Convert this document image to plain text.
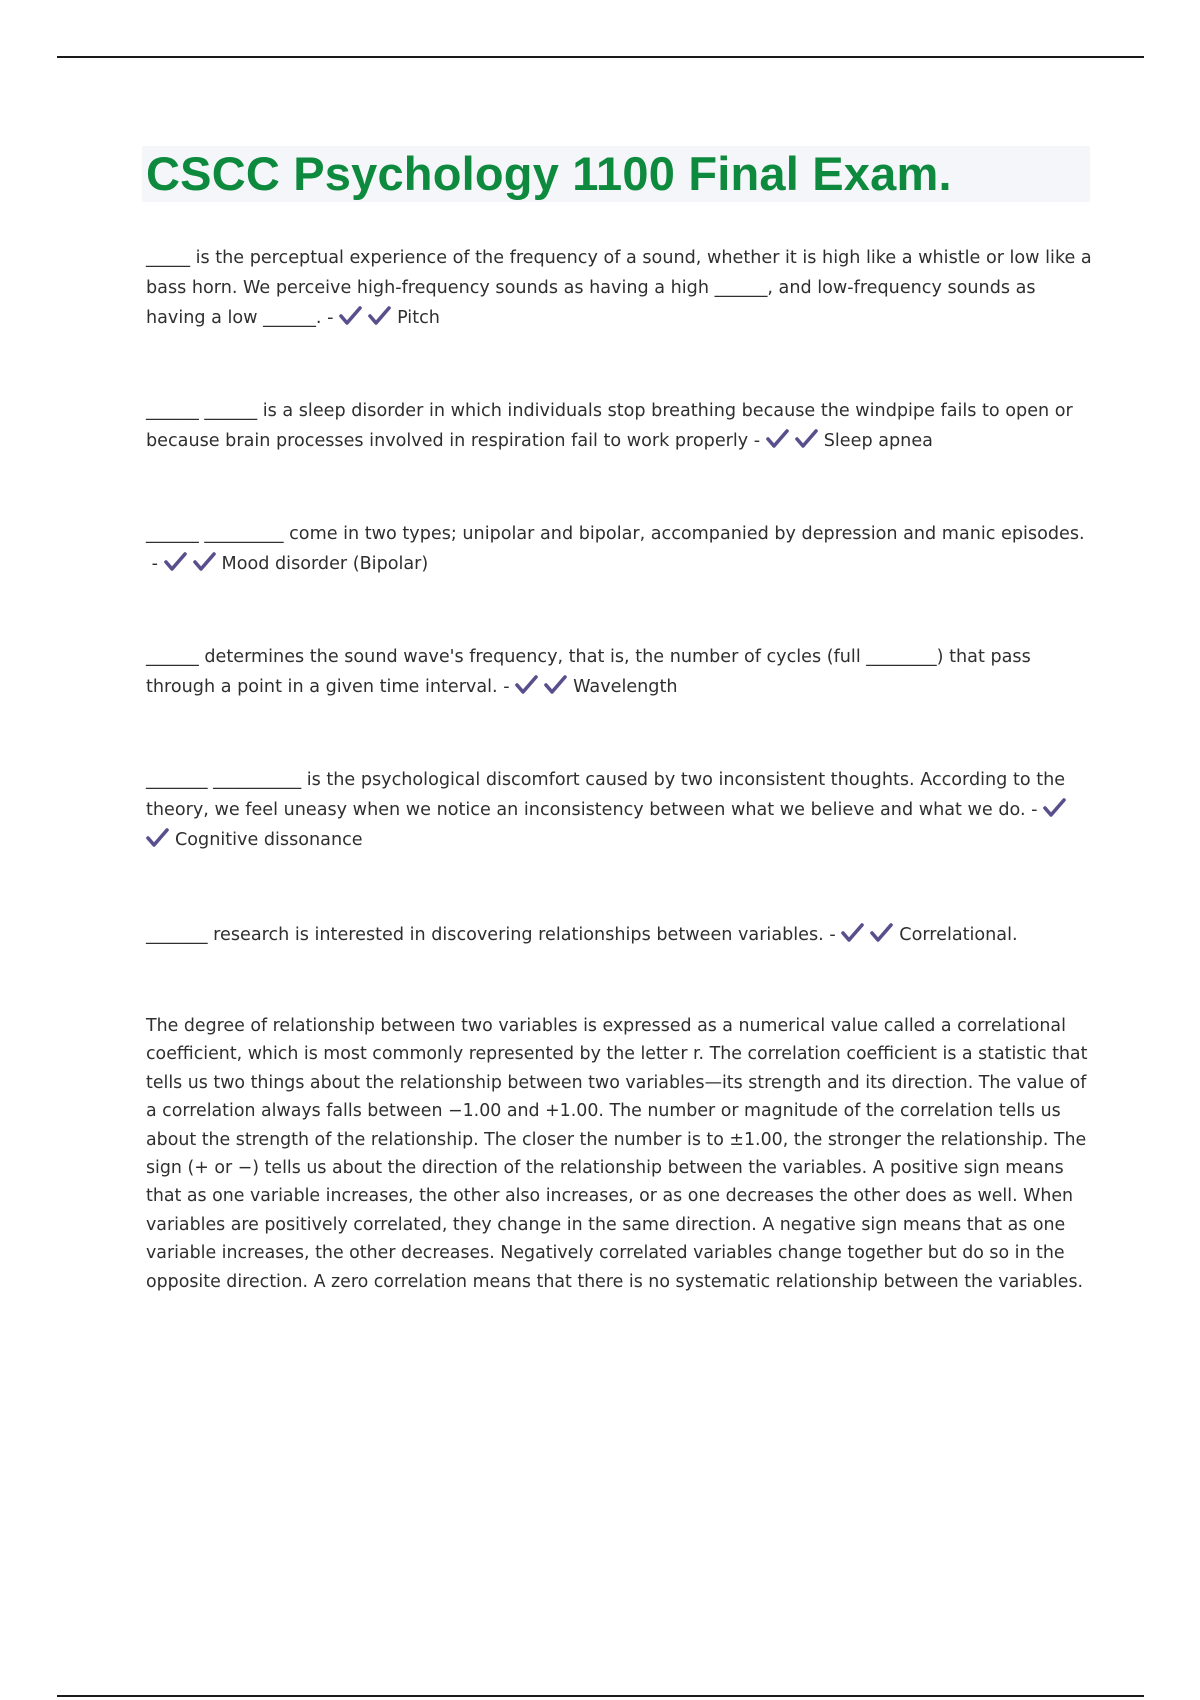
CSCC Psychology 1100 Final Exam.

_____ is the perceptual experience of the frequency of a sound, whether it is high like a whistle or low like a bass horn. We perceive high-frequency sounds as having a high ______, and low-frequency sounds as having a low ______. -	Pitch

______ ______ is a sleep disorder in which individuals stop breathing because the windpipe fails to open or because brain processes involved in respiration fail to work properly -	Sleep apnea

______ _________ come in two types; unipolar and bipolar, accompanied by depression and manic episodes. -	Mood disorder (Bipolar)

______ determines the sound wave's frequency, that is, the number of cycles (full ________) that pass through a point in a given time interval. -	Wavelength

_______ __________ is the psychological discomfort caused by two inconsistent thoughts. According to the theory, we feel uneasy when we notice an inconsistency between what we believe and what we do. -
Cognitive dissonance

_______ research is interested in discovering relationships between variables. -	Correlational.

The degree of relationship between two variables is expressed as a numerical value called a correlational coefficient, which is most commonly represented by the letter r. The correlation coefficient is a statistic that tells us two things about the relationship between two variables—its strength and its direction. The value of a correlation always falls between −1.00 and +1.00. The number or magnitude of the correlation tells us about the strength of the relationship. The closer the number is to ±1.00, the stronger the relationship. The sign (+ or −) tells us about the direction of the relationship between the variables. A positive sign means that as one variable increases, the other also increases, or as one decreases the other does as well. When variables are positively correlated, they change in the same direction. A negative sign means that as one variable increases, the other decreases. Negatively correlated variables change together but do so in the opposite direction. A zero correlation means that there is no systematic relationship between the variables.
